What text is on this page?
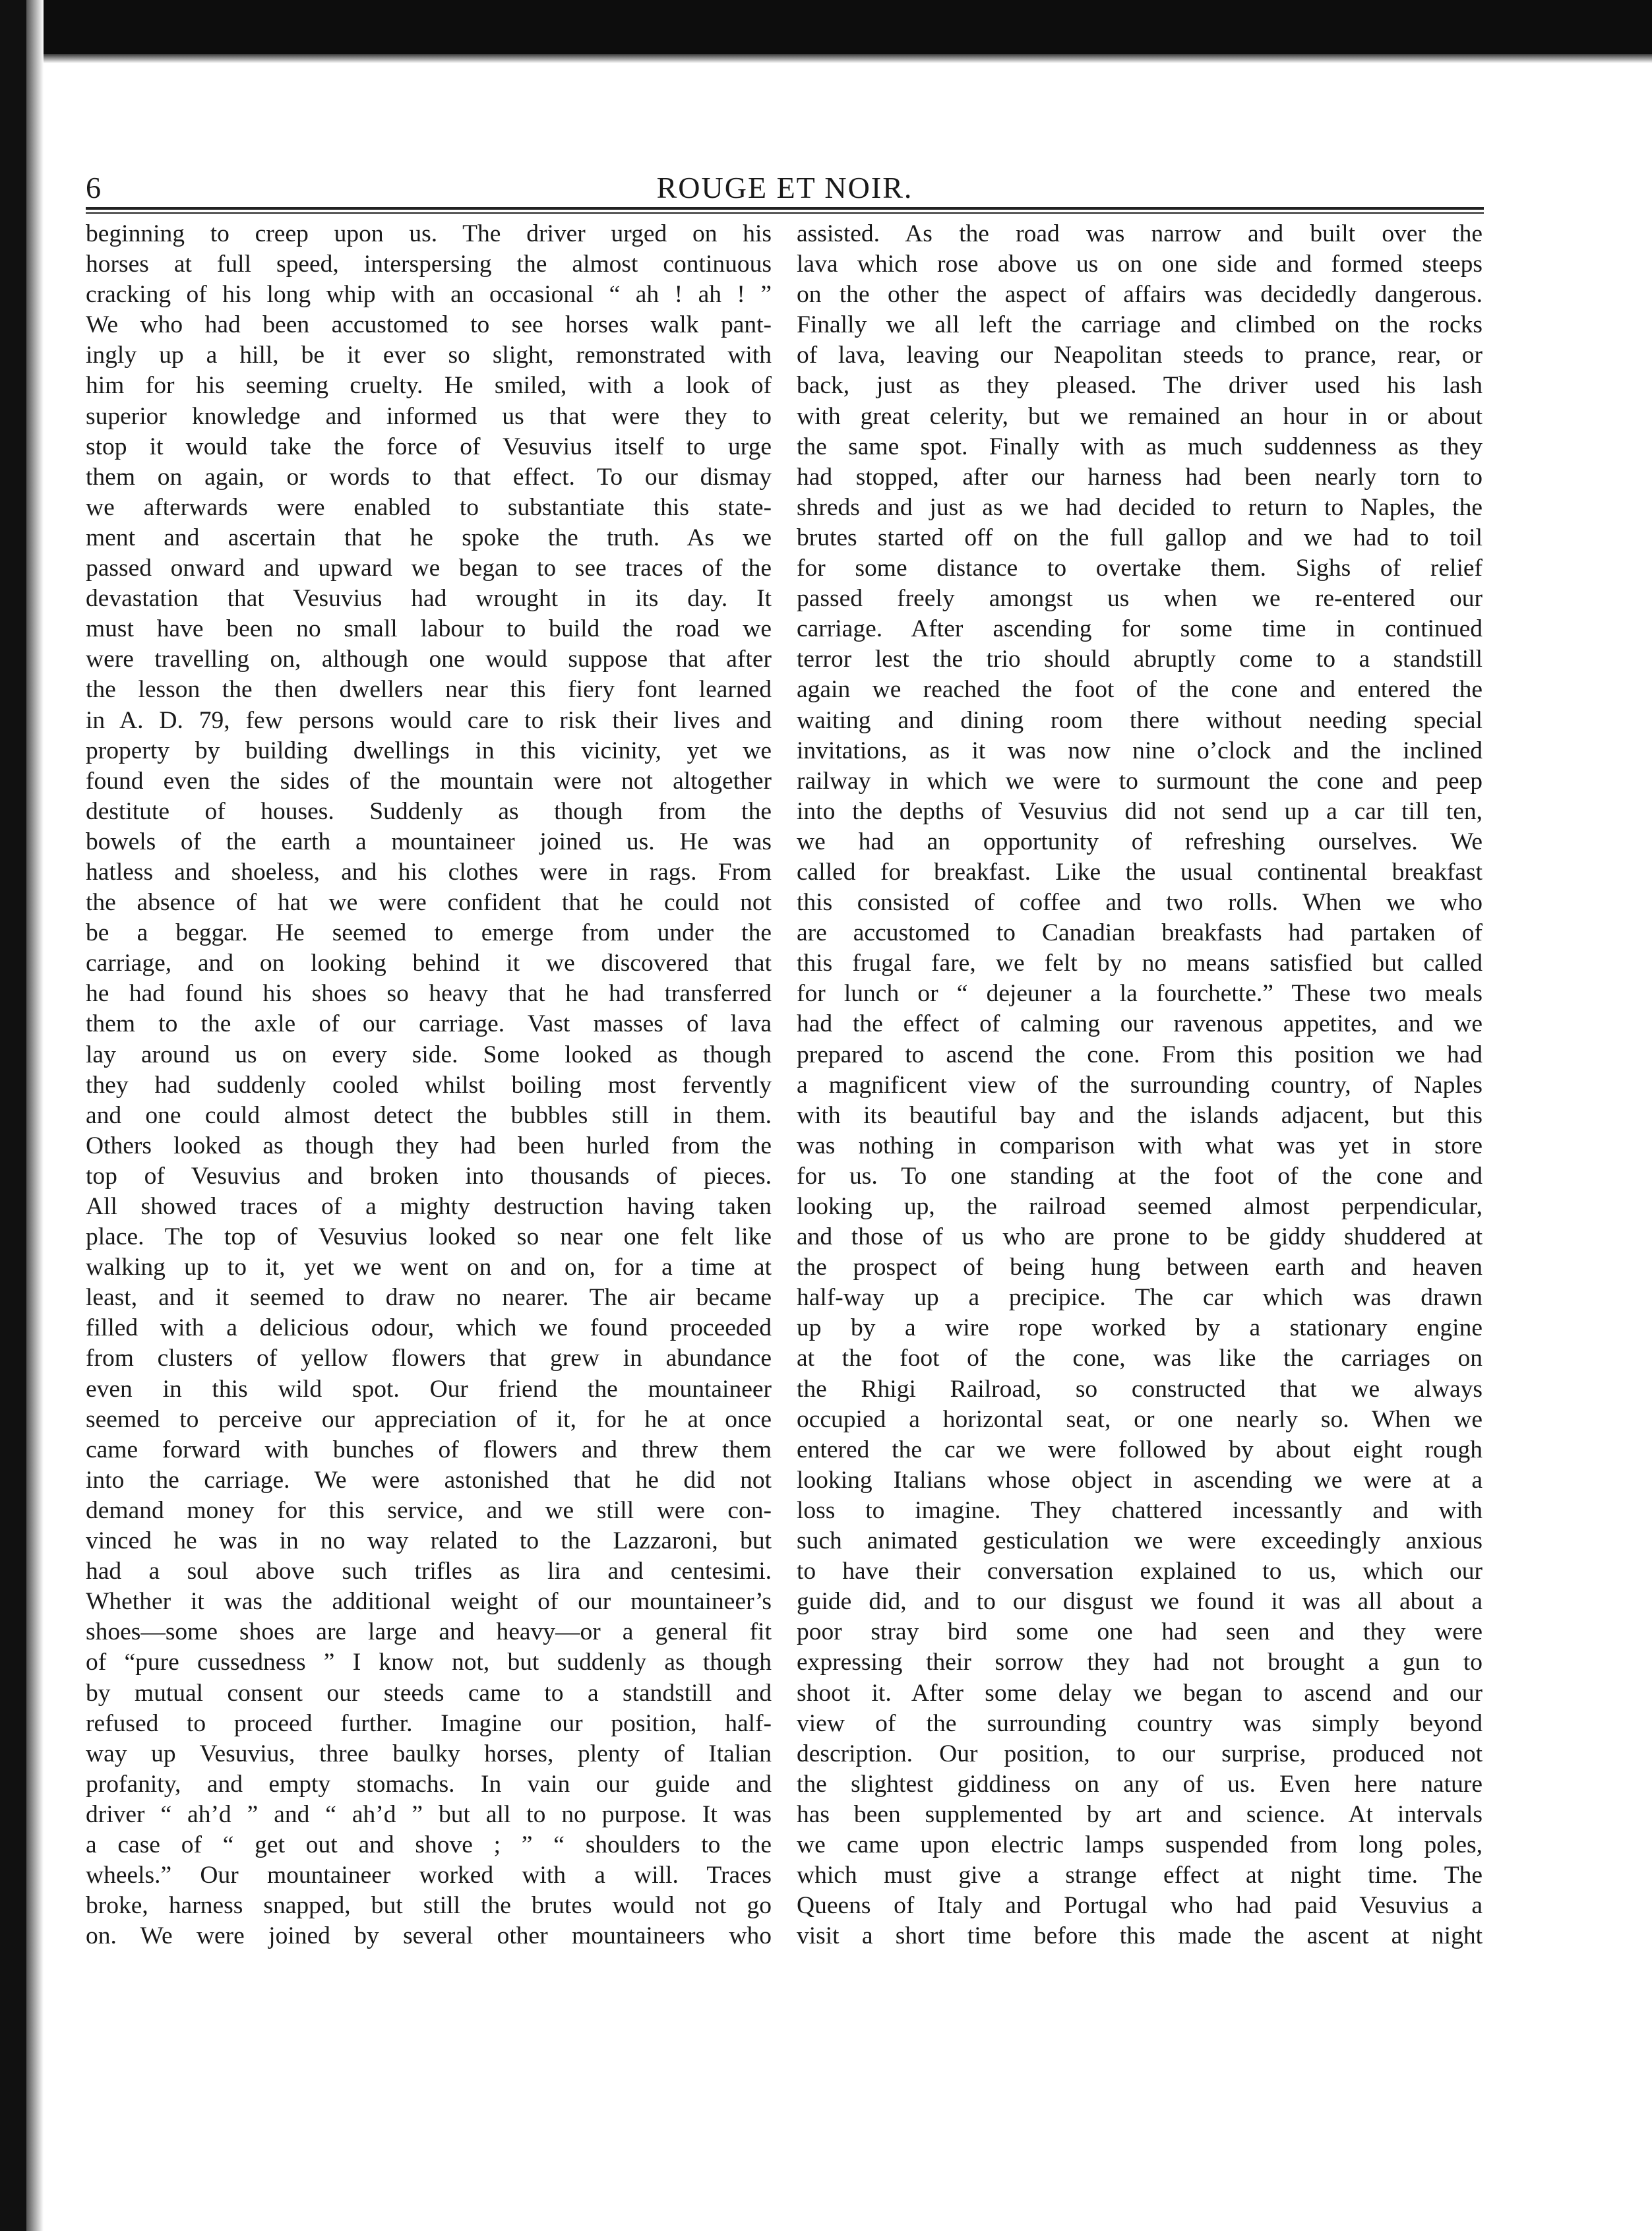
6	ROUGE ET NOIR.
beginning to creep upon us. The driver urged on his
horses at full speed, interspersing the almost continuous
cracking of his long whip with an occasional “ ah ! ah ! ”
We who had been accustomed to see horses walk pant-
ingly up a hill, be it ever so slight, remonstrated with
him for his seeming cruelty. He smiled, with a look of
superior knowledge and informed us that were they to
stop it would take the force of Vesuvius itself to urge
them on again, or words to that effect. To our dismay
we afterwards were enabled to substantiate this state-
ment and ascertain that he spoke the truth. As we
passed onward and upward we began to see traces of the
devastation that Vesuvius had wrought in its day. It
must have been no small labour to build the road we
were travelling on, although one would suppose that after
the lesson the then dwellers near this fiery font learned
in A. D. 79, few persons would care to risk their lives and
property by building dwellings in this vicinity, yet we
found even the sides of the mountain were not altogether
destitute of houses. Suddenly as though from the
bowels of the earth a mountaineer joined us. He was
hatless and shoeless, and his clothes were in rags. From
the absence of hat we were confident that he could not
be a beggar. He seemed to emerge from under the
carriage, and on looking behind it we discovered that
he had found his shoes so heavy that he had transferred
them to the axle of our carriage. Vast masses of lava
lay around us on every side. Some looked as though
they had suddenly cooled whilst boiling most fervently
and one could almost detect the bubbles still in them.
Others looked as though they had been hurled from the
top of Vesuvius and broken into thousands of pieces.
All showed traces of a mighty destruction having taken
place. The top of Vesuvius looked so near one felt like
walking up to it, yet we went on and on, for a time at
least, and it seemed to draw no nearer. The air became
filled with a delicious odour, which we found proceeded
from clusters of yellow flowers that grew in abundance
even in this wild spot. Our friend the mountaineer
seemed to perceive our appreciation of it, for he at once
came forward with bunches of flowers and threw them
into the carriage. We were astonished that he did not
demand money for this service, and we still were con-
vinced he was in no way related to the Lazzaroni, but
had a soul above such trifles as lira and centesimi.
Whether it was the additional weight of our mountaineer’s
shoes—some shoes are large and heavy—or a general fit
of “pure cussedness ” I know not, but suddenly as though
by mutual consent our steeds came to a standstill and
refused to proceed further. Imagine our position, half-
way up Vesuvius, three baulky horses, plenty of Italian
profanity, and empty stomachs. In vain our guide and
driver “ ah’d ” and “ ah’d ” but all to no purpose. It was
a case of “ get out and shove ; ” “ shoulders to the
wheels.” Our mountaineer worked with a will. Traces
broke, harness snapped, but still the brutes would not go
on. We were joined by several other mountaineers who
assisted. As the road was narrow and built over the
lava which rose above us on one side and formed steeps
on the other the aspect of affairs was decidedly dangerous.
Finally we all left the carriage and climbed on the rocks
of lava, leaving our Neapolitan steeds to prance, rear, or
back, just as they pleased. The driver used his lash
with great celerity, but we remained an hour in or about
the same spot. Finally with as much suddenness as they
had stopped, after our harness had been nearly torn to
shreds and just as we had decided to return to Naples, the
brutes started off on the full gallop and we had to toil
for some distance to overtake them. Sighs of relief
passed freely amongst us when we re-entered our
carriage. After ascending for some time in continued
terror lest the trio should abruptly come to a standstill
again we reached the foot of the cone and entered the
waiting and dining room there without needing special
invitations, as it was now nine o’clock and the inclined
railway in which we were to surmount the cone and peep
into the depths of Vesuvius did not send up a car till ten,
we had an opportunity of refreshing ourselves. We
called for breakfast. Like the usual continental breakfast
this consisted of coffee and two rolls. When we who
are accustomed to Canadian breakfasts had partaken of
this frugal fare, we felt by no means satisfied but called
for lunch or “ dejeuner a la fourchette.” These two meals
had the effect of calming our ravenous appetites, and we
prepared to ascend the cone. From this position we had
a magnificent view of the surrounding country, of Naples
with its beautiful bay and the islands adjacent, but this
was nothing in comparison with what was yet in store
for us. To one standing at the foot of the cone and
looking up, the railroad seemed almost perpendicular,
and those of us who are prone to be giddy shuddered at
the prospect of being hung between earth and heaven
half-way up a precipice. The car which was drawn
up by a wire rope worked by a stationary engine
at the foot of the cone, was like the carriages on
the Rhigi Railroad, so constructed that we always
occupied a horizontal seat, or one nearly so. When we
entered the car we were followed by about eight rough
looking Italians whose object in ascending we were at a
loss to imagine. They chattered incessantly and with
such animated gesticulation we were exceedingly anxious
to have their conversation explained to us, which our
guide did, and to our disgust we found it was all about a
poor stray bird some one had seen and they were
expressing their sorrow they had not brought a gun to
shoot it. After some delay we began to ascend and our
view of the surrounding country was simply beyond
description. Our position, to our surprise, produced not
the slightest giddiness on any of us. Even here nature
has been supplemented by art and science. At intervals
we came upon electric lamps suspended from long poles,
which must give a strange effect at night time. The
Queens of Italy and Portugal who had paid Vesuvius a
visit a short time before this made the ascent at night
